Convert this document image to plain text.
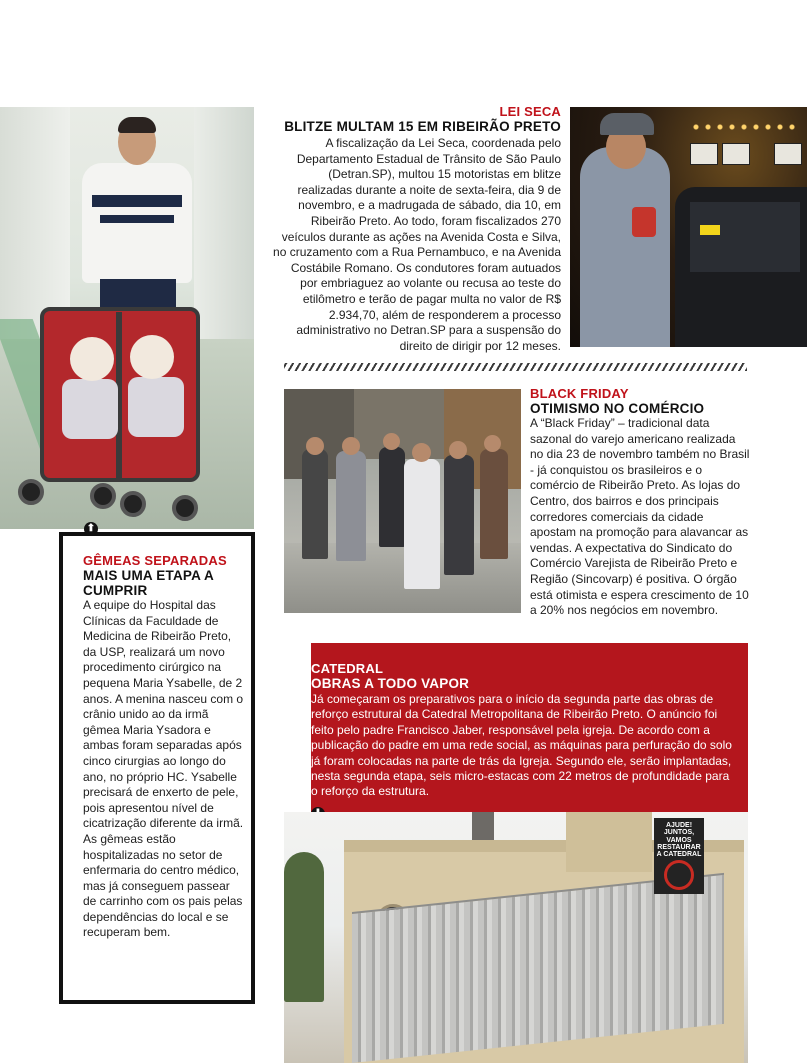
LEI SECA
BLITZE MULTAM 15 EM RIBEIRÃO PRETO

A fiscalização da Lei Seca, coordenada pelo Departamento Estadual de Trânsito de São Paulo (Detran.SP), multou 15 motoristas em blitze realizadas durante a noite de sexta-feira, dia 9 de novembro, e a madrugada de sábado, dia 10, em Ribeirão Preto. Ao todo, foram fiscalizados 270 veículos durante as ações na Avenida Costa e Silva, no cruzamento com a Rua Pernambuco, e na Avenida Costábile Romano. Os condutores foram autuados por embriaguez ao volante ou recusa ao teste do etilômetro e terão de pagar multa no valor de R$ 2.934,70, além de responderem a processo administrativo no Detran.SP para a suspensão do direito de dirigir por 12 meses.

BLACK FRIDAY
OTIMISMO NO COMÉRCIO

A “Black Friday” – tradicional data sazonal do varejo americano realizada no dia 23 de novembro também no Brasil - já conquistou os brasileiros e o comércio de Ribeirão Preto. As lojas do Centro, dos bairros e dos principais corredores comerciais da cidade apostam na promoção para alavancar as vendas. A expectativa do Sindicato do Comércio Varejista de Ribeirão Preto e Região (Sincovarp) é positiva. O órgão está otimista e espera crescimento de 10 a 20% nos negócios em novembro.

⬆
GÊMEAS SEPARADAS
MAIS UMA ETAPA A CUMPRIR

A equipe do Hospital das Clínicas da Faculdade de Medicina de Ribeirão Preto, da USP, realizará um novo procedimento cirúrgico na pequena Maria Ysabelle, de 2 anos. A menina nasceu com o crânio unido ao da irmã gêmea Maria Ysadora e ambas foram separadas após cinco cirurgias ao longo do ano, no próprio HC. Ysabelle precisará de enxerto de pele, pois apresentou nível de cicatrização diferente da irmã. As gêmeas estão hospitalizadas no setor de enfermaria do centro médico, mas já conseguem passear de carrinho com os pais pelas dependências do local e se recuperam bem.

CATEDRAL
OBRAS A TODO VAPOR

Já começaram os preparativos para o início da segunda parte das obras de reforço estrutural da Catedral Metropolitana de Ribeirão Preto. O anúncio foi feito pelo padre Francisco Jaber, responsável pela igreja. De acordo com a publicação do padre em uma rede social, as máquinas para perfuração do solo já foram colocadas na parte de trás da Igreja. Segundo ele, serão implantadas, nesta segunda etapa, seis micro-estacas com 22 metros de profundidade para o reforço da estrutura.

AJUDE! JUNTOS, VAMOS RESTAURAR A CATEDRAL
